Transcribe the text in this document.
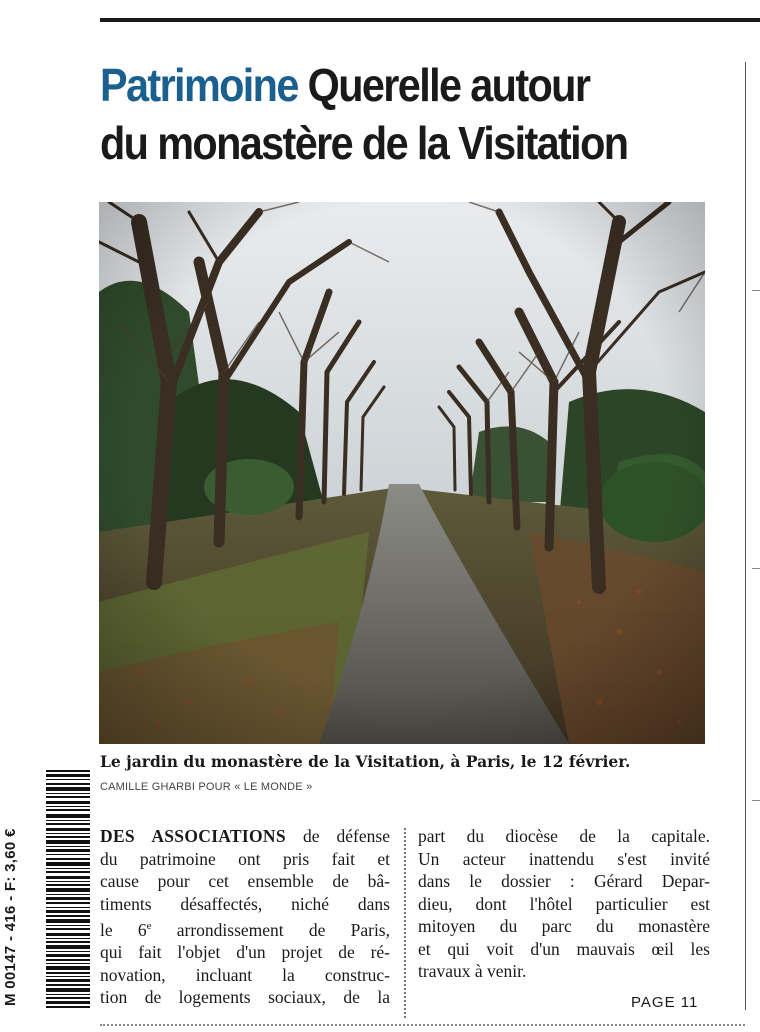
Patrimoine Querelle autour
du monastère de la Visitation

Le jardin du monastère de la Visitation, à Paris, le 12 février.

CAMILLE GHARBI POUR « LE MONDE »

M 00147 - 416 - F: 3,60 €	DES ASSOCIATIONS de défense
du patrimoine ont pris fait et
cause pour cet ensemble de bâ-
timents désaffectés, niché dans
le 6e arrondissement de Paris,
qui fait l'objet d'un projet de ré-
novation, incluant la construc-
tion de logements sociaux, de la
part du diocèse de la capitale.
Un acteur inattendu s'est invité
dans le dossier : Gérard Depar-
dieu, dont l'hôtel particulier est
mitoyen du parc du monastère
et qui voit d'un mauvais œil les
travaux à venir.

PAGE 11
